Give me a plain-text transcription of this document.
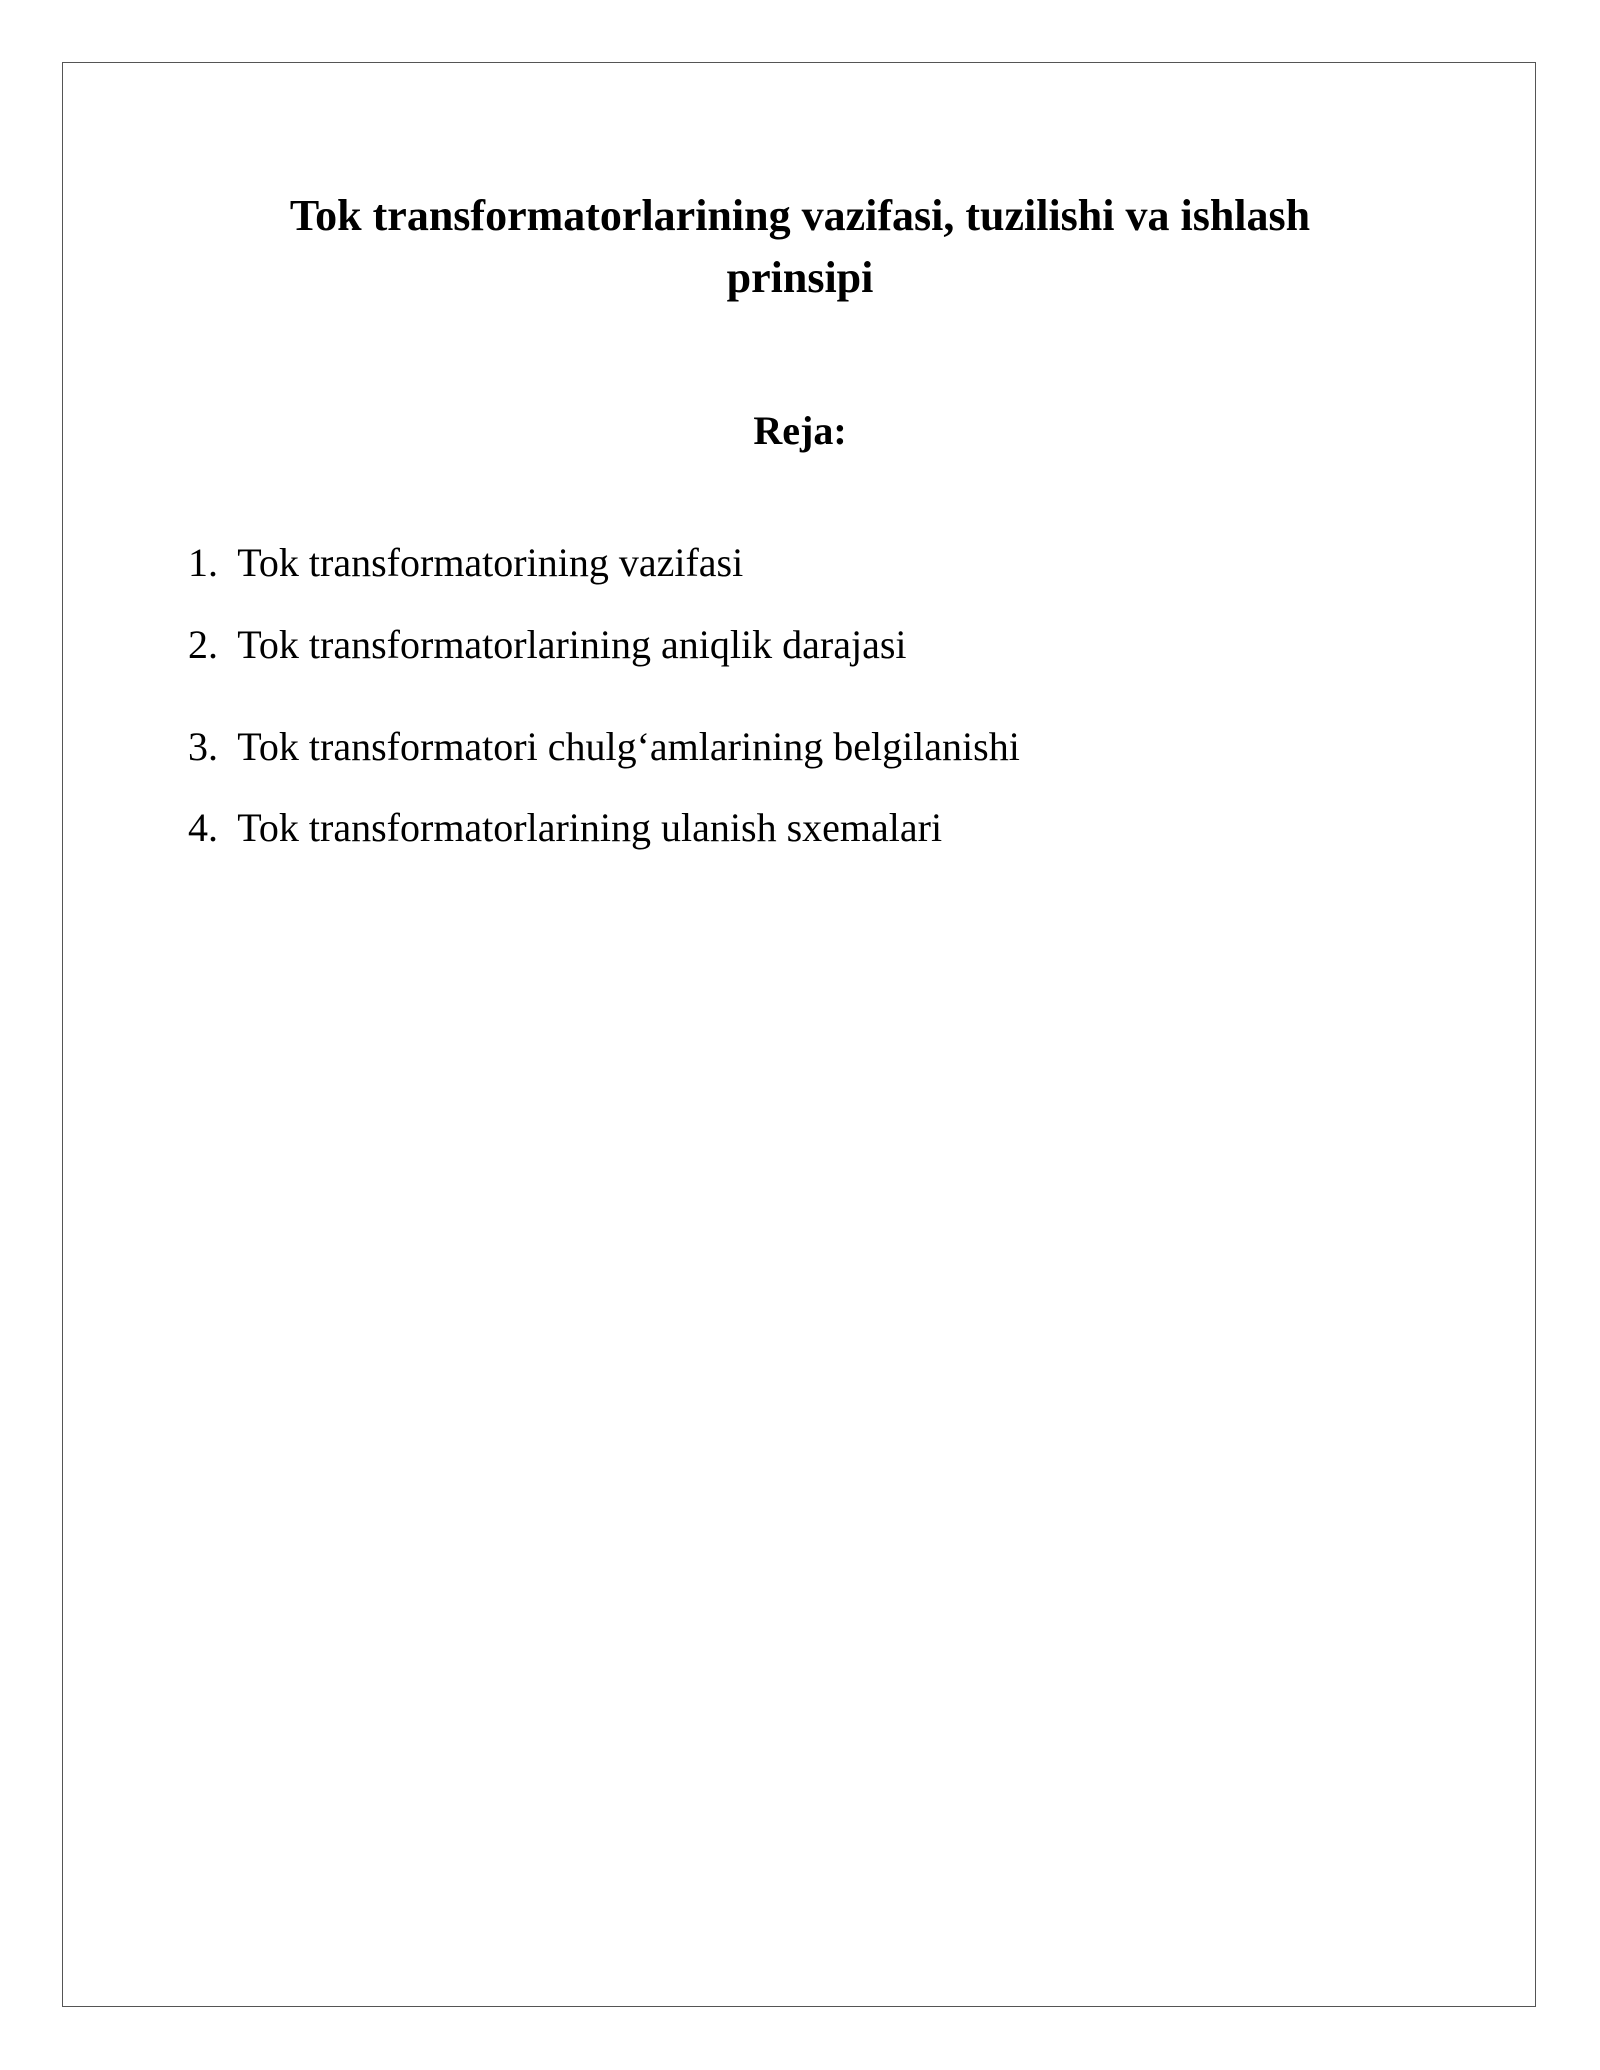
Tok transformatorlarining vazifasi, tuzilishi va ishlash
prinsipi
Reja:
1.  Tok transformatorining vazifasi
2.  Tok transformatorlarining aniqlik darajasi
3.  Tok transformatori chulg‘amlarining belgilanishi
4.  Tok transformatorlarining ulanish sxemalari
